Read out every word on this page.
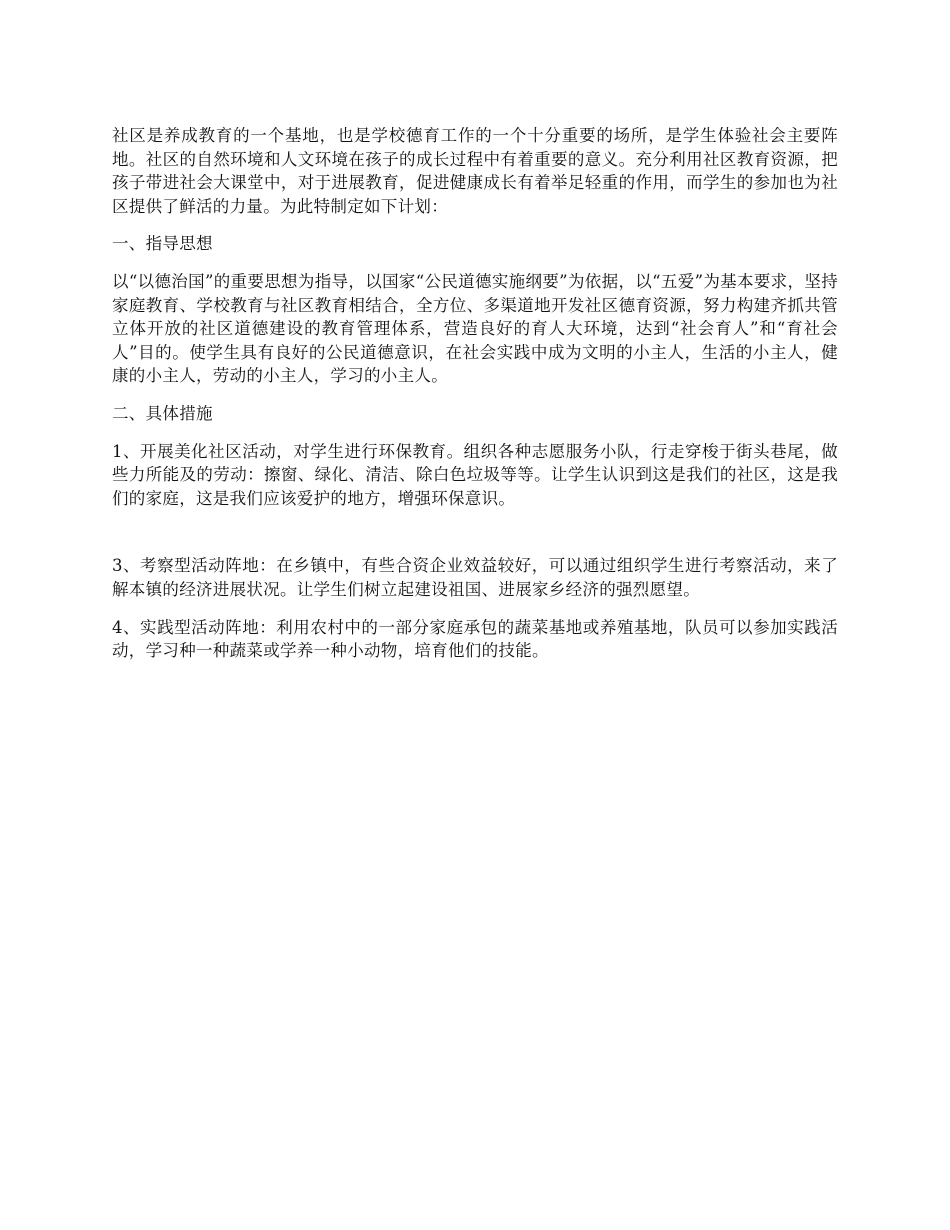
社区是养成教育的一个基地，也是学校德育工作的一个十分重要的场所，是学生体验社会主要阵地。社区的自然环境和人文环境在孩子的成长过程中有着重要的意义。充分利用社区教育资源，把孩子带进社会大课堂中，对于进展教育，促进健康成长有着举足轻重的作用，而学生的参加也为社区提供了鲜活的力量。为此特制定如下计划：

一、指导思想

以“以德治国”的重要思想为指导，以国家“公民道德实施纲要”为依据，以“五爱”为基本要求，坚持家庭教育、学校教育与社区教育相结合，全方位、多渠道地开发社区德育资源，努力构建齐抓共管立体开放的社区道德建设的教育管理体系，营造良好的育人大环境，达到“社会育人”和“育社会人”目的。使学生具有良好的公民道德意识，在社会实践中成为文明的小主人，生活的小主人，健康的小主人，劳动的小主人，学习的小主人。

二、具体措施

1、开展美化社区活动，对学生进行环保教育。组织各种志愿服务小队，行走穿梭于街头巷尾，做些力所能及的劳动：擦窗、绿化、清洁、除白色垃圾等等。让学生认识到这是我们的社区，这是我们的家庭，这是我们应该爱护的地方，增强环保意识。

3、考察型活动阵地：在乡镇中，有些合资企业效益较好，可以通过组织学生进行考察活动，来了解本镇的经济进展状况。让学生们树立起建设祖国、进展家乡经济的强烈愿望。

4、实践型活动阵地：利用农村中的一部分家庭承包的蔬菜基地或养殖基地，队员可以参加实践活动，学习种一种蔬菜或学养一种小动物，培育他们的技能。
